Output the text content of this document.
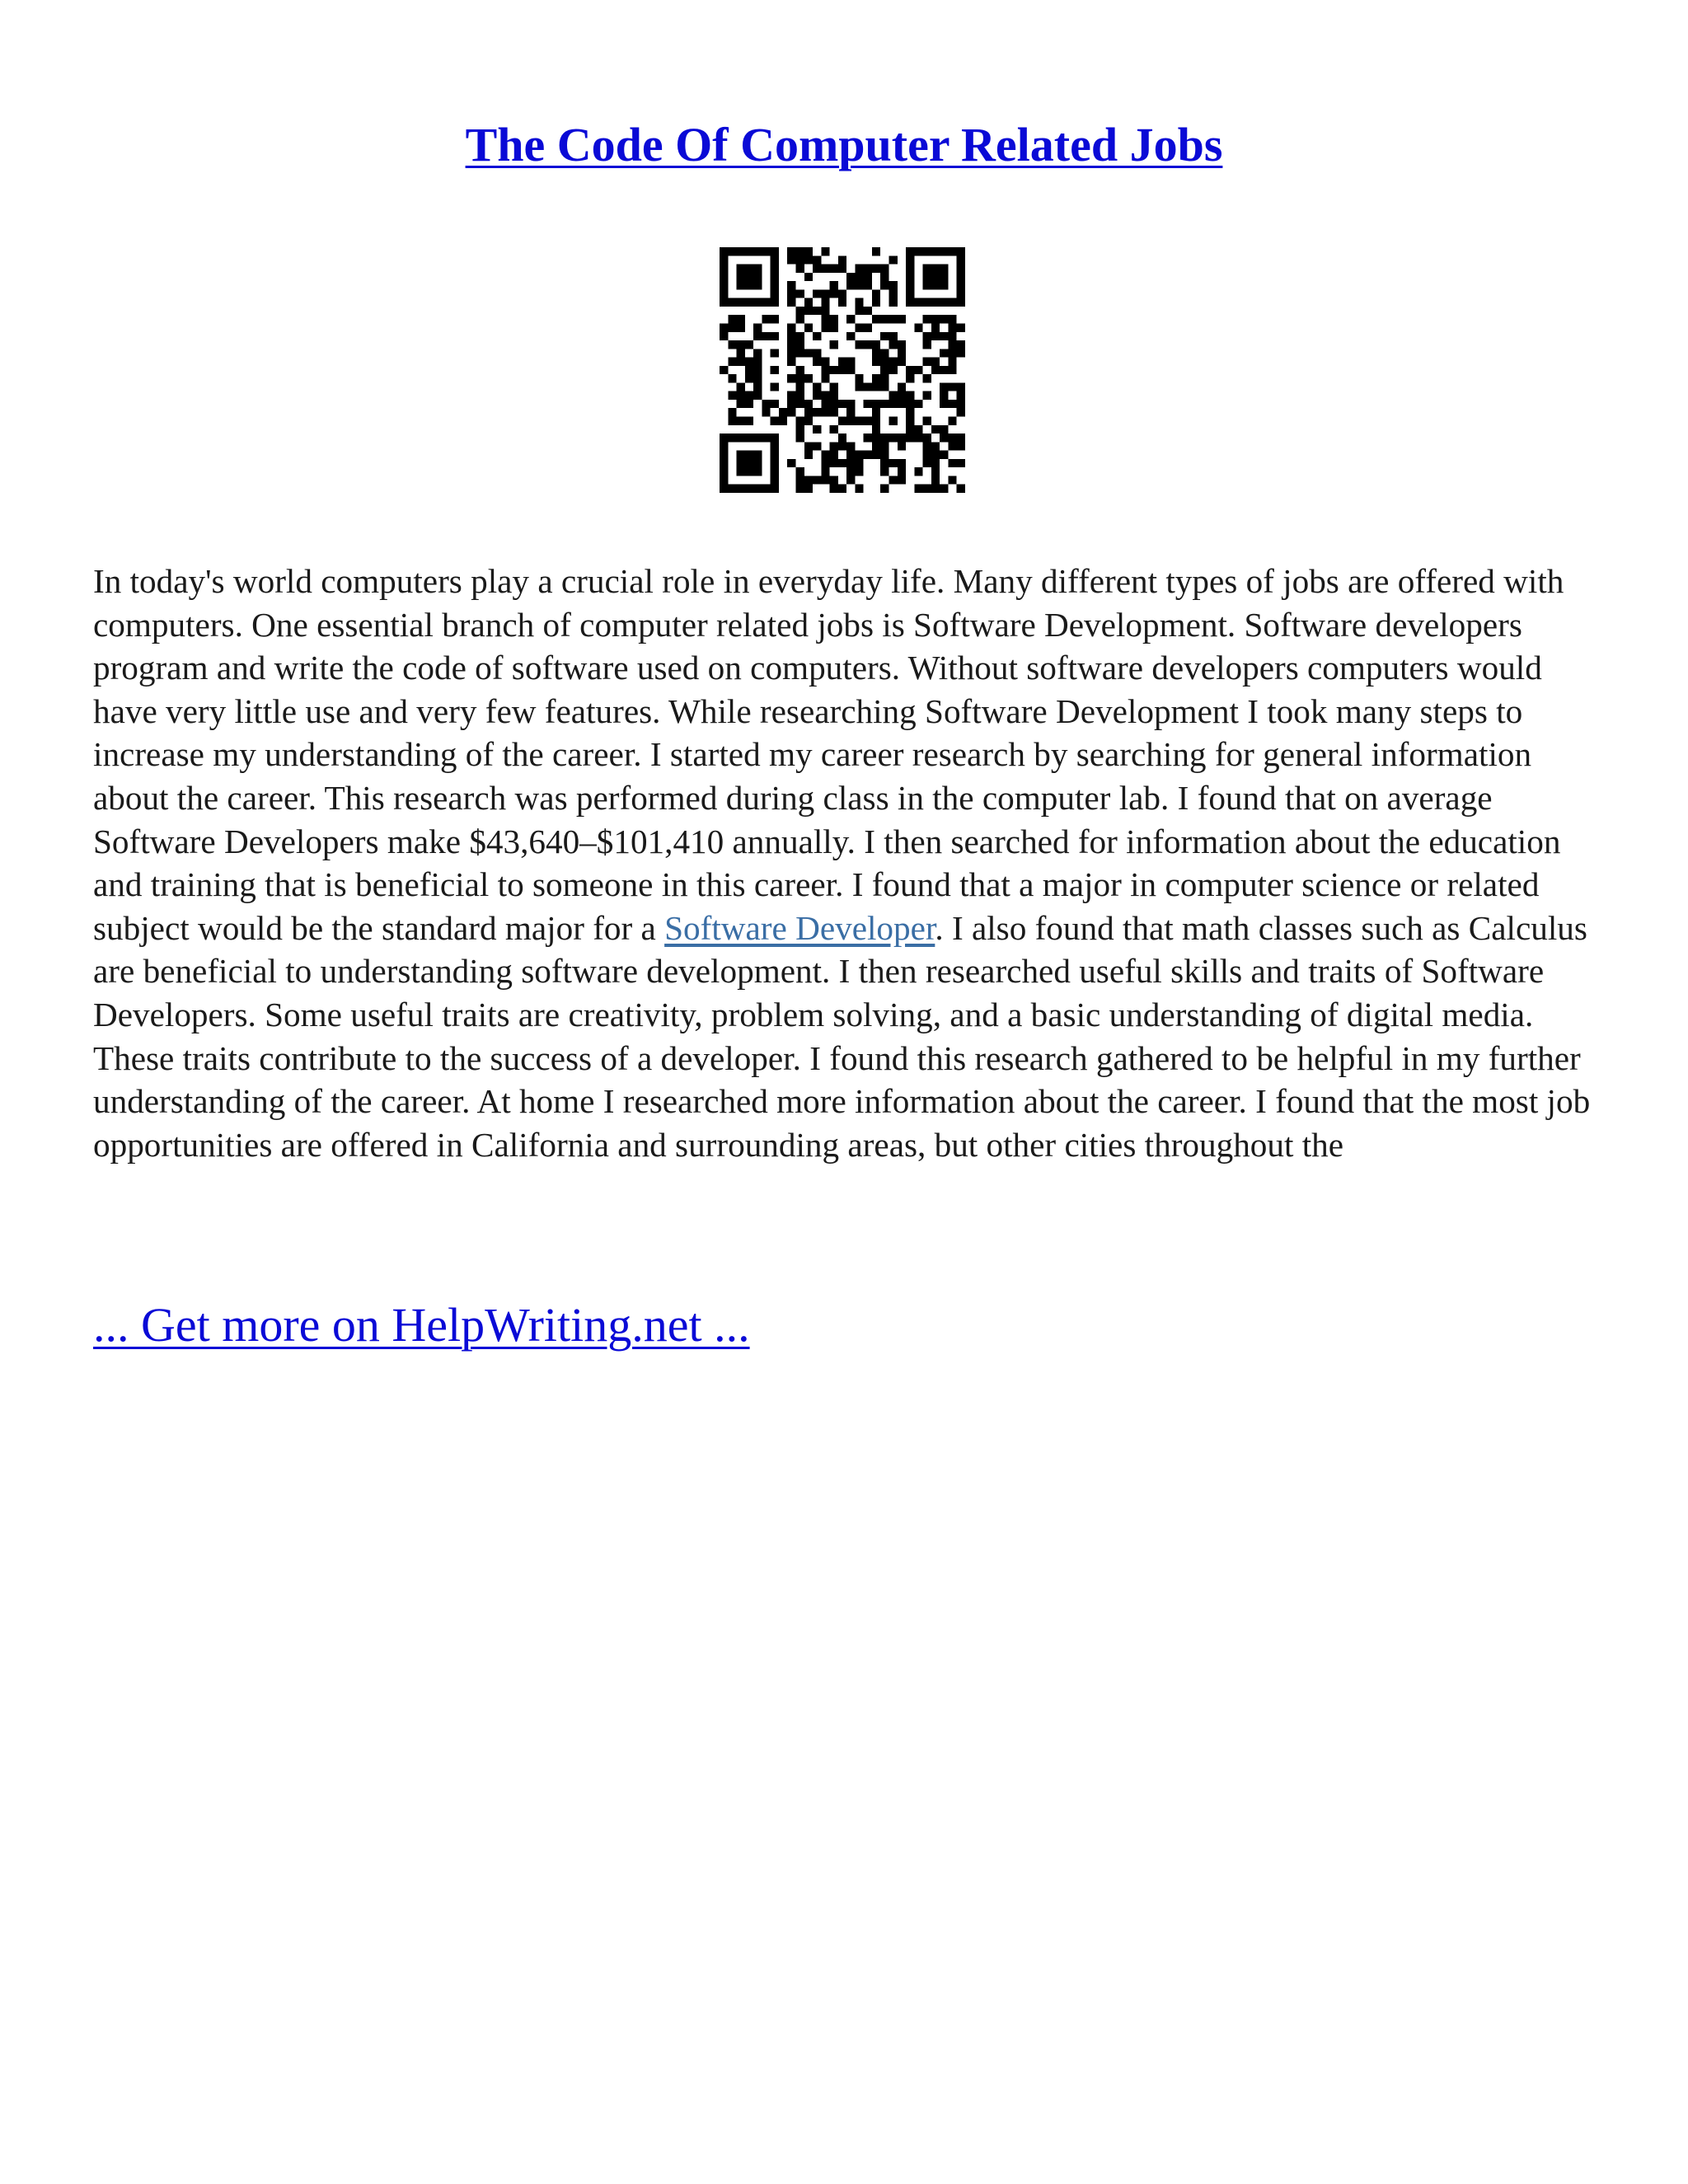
The Code Of Computer Related Jobs

In today's world computers play a crucial role in everyday life. Many different types of jobs are offered with computers. One essential branch of computer related jobs is Software Development. Software developers program and write the code of software used on computers. Without software developers computers would have very little use and very few features. While researching Software Development I took many steps to increase my understanding of the career. I started my career research by searching for general information about the career. This research was performed during class in the computer lab. I found that on average Software Developers make $43,640–$101,410 annually. I then searched for information about the education and training that is beneficial to someone in this career. I found that a major in computer science or related subject would be the standard major for a Software Developer. I also found that math classes such as Calculus are beneficial to understanding software development. I then researched useful skills and traits of Software Developers. Some useful traits are creativity, problem solving, and a basic understanding of digital media. These traits contribute to the success of a developer. I found this research gathered to be helpful in my further understanding of the career. At home I researched more information about the career. I found that the most job opportunities are offered in California and surrounding areas, but other cities throughout the

... Get more on HelpWriting.net ...
